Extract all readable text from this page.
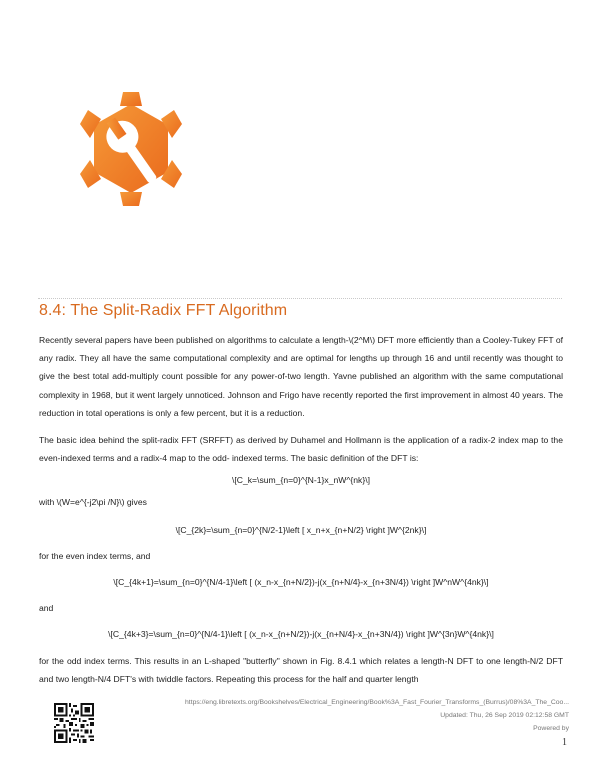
8.4: The Split-Radix FFT Algorithm

Recently several papers have been published on algorithms to calculate a length-\(2^M\) DFT more efficiently than a Cooley-Tukey FFT of any radix. They all have the same computational complexity and are optimal for lengths up through 16 and until recently was thought to give the best total add-multiply count possible for any power-of-two length. Yavne published an algorithm with the same computational complexity in 1968, but it went largely unnoticed. Johnson and Frigo have recently reported the first improvement in almost 40 years. The reduction in total operations is only a few percent, but it is a reduction.

The basic idea behind the split-radix FFT (SRFFT) as derived by Duhamel and Hollmann is the application of a radix-2 index map to the even-indexed terms and a radix-4 map to the odd- indexed terms. The basic definition of the DFT is:

\[C_k=\sum_{n=0}^{N-1}x_nW^{nk}\]

with \(W=e^{-j2\pi /N}\) gives

\[C_{2k}=\sum_{n=0}^{N/2-1}\left [ x_n+x_{n+N/2} \right ]W^{2nk}\]

for the even index terms, and

\[C_{4k+1}=\sum_{n=0}^{N/4-1}\left [ (x_n-x_{n+N/2})-j(x_{n+N/4}-x_{n+3N/4}) \right ]W^nW^{4nk}\]

and

\[C_{4k+3}=\sum_{n=0}^{N/4-1}\left [ (x_n-x_{n+N/2})-j(x_{n+N/4}-x_{n+3N/4}) \right ]W^{3n}W^{4nk}\]

for the odd index terms. This results in an L-shaped "butterfly" shown in Fig. 8.4.1 which relates a length-N DFT to one length-N/2 DFT and two length-N/4 DFT's with twiddle factors. Repeating this process for the half and quarter length

https://eng.libretexts.org/Bookshelves/Electrical_Engineering/Book%3A_Fast_Fourier_Transforms_(Burrus)/08%3A_The_Coo...
Updated: Thu, 26 Sep 2019 02:12:58 GMT
Powered by
1
